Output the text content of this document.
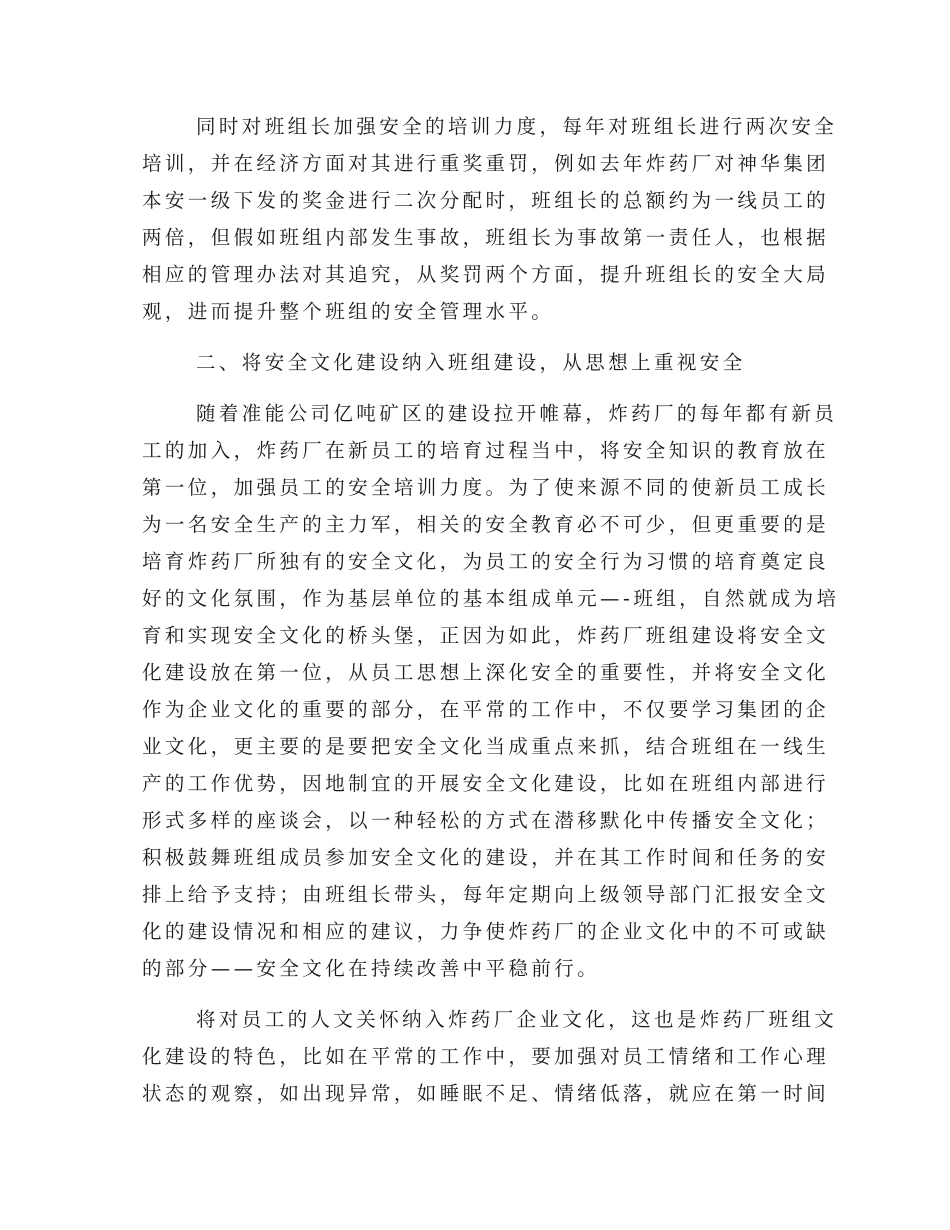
同时对班组长加强安全的培训力度，每年对班组长进行两次安全
培训，并在经济方面对其进行重奖重罚，例如去年炸药厂对神华集团
本安一级下发的奖金进行二次分配时，班组长的总额约为一线员工的
两倍，但假如班组内部发生事故，班组长为事故第一责任人，也根据
相应的管理办法对其追究，从奖罚两个方面，提升班组长的安全大局
观，进而提升整个班组的安全管理水平。
二、将安全文化建设纳入班组建设，从思想上重视安全
随着准能公司亿吨矿区的建设拉开帷幕，炸药厂的每年都有新员
工的加入，炸药厂在新员工的培育过程当中，将安全知识的教育放在
第一位，加强员工的安全培训力度。为了使来源不同的使新员工成长
为一名安全生产的主力军，相关的安全教育必不可少，但更重要的是
培育炸药厂所独有的安全文化，为员工的安全行为习惯的培育奠定良
好的文化氛围，作为基层单位的基本组成单元—-班组，自然就成为培
育和实现安全文化的桥头堡，正因为如此，炸药厂班组建设将安全文
化建设放在第一位，从员工思想上深化安全的重要性，并将安全文化
作为企业文化的重要的部分，在平常的工作中，不仅要学习集团的企
业文化，更主要的是要把安全文化当成重点来抓，结合班组在一线生
产的工作优势，因地制宜的开展安全文化建设，比如在班组内部进行
形式多样的座谈会，以一种轻松的方式在潜移默化中传播安全文化；
积极鼓舞班组成员参加安全文化的建设，并在其工作时间和任务的安
排上给予支持；由班组长带头，每年定期向上级领导部门汇报安全文
化的建设情况和相应的建议，力争使炸药厂的企业文化中的不可或缺
的部分——安全文化在持续改善中平稳前行。
将对员工的人文关怀纳入炸药厂企业文化，这也是炸药厂班组文
化建设的特色，比如在平常的工作中，要加强对员工情绪和工作心理
状态的观察，如出现异常，如睡眠不足、情绪低落，就应在第一时间
